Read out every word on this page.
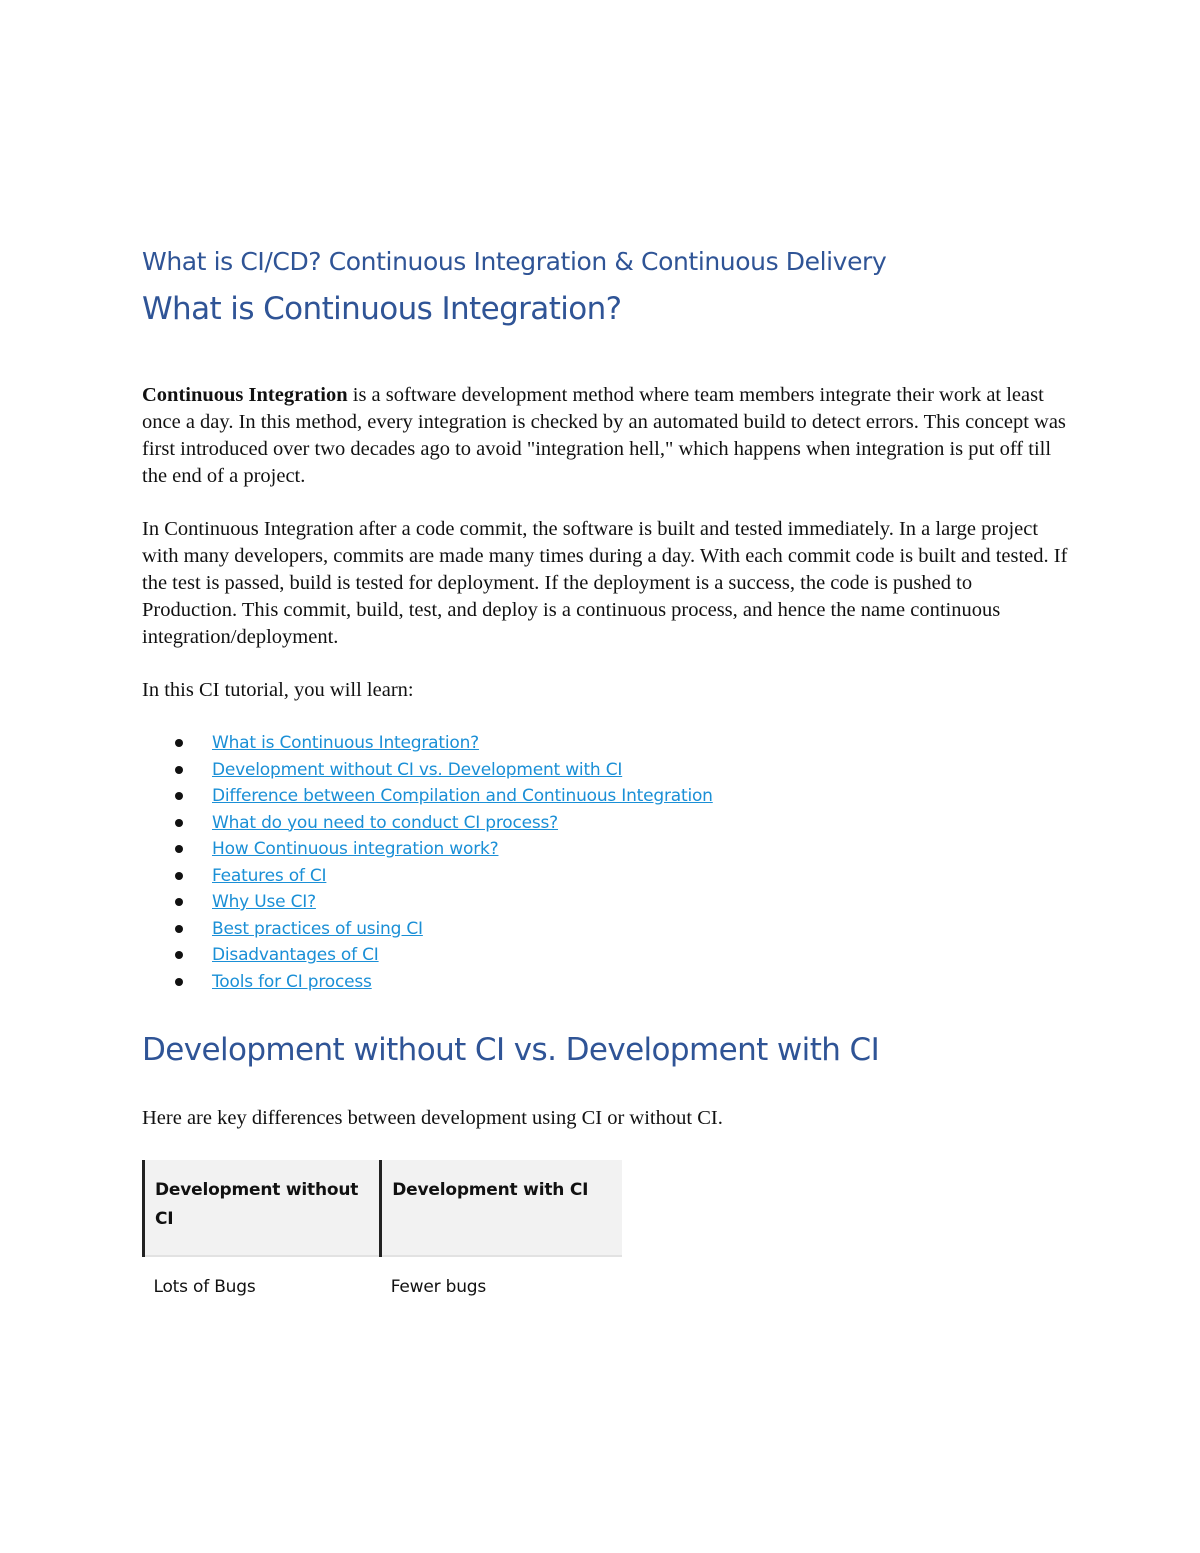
What is CI/CD? Continuous Integration & Continuous Delivery
What is Continuous Integration?

Continuous Integration is a software development method where team members integrate their work at least once a day. In this method, every integration is checked by an automated build to detect errors. This concept was first introduced over two decades ago to avoid "integration hell," which happens when integration is put off till the end of a project.

In Continuous Integration after a code commit, the software is built and tested immediately. In a large project with many developers, commits are made many times during a day. With each commit code is built and tested. If the test is passed, build is tested for deployment. If the deployment is a success, the code is pushed to Production. This commit, build, test, and deploy is a continuous process, and hence the name continuous integration/deployment.

In this CI tutorial, you will learn:

What is Continuous Integration?
Development without CI vs. Development with CI
Difference between Compilation and Continuous Integration
What do you need to conduct CI process?
How Continuous integration work?
Features of CI
Why Use CI?
Best practices of using CI
Disadvantages of CI
Tools for CI process
Development without CI vs. Development with CI

Here are key differences between development using CI or without CI.

Development without CI	Development with CI
Lots of Bugs	Fewer bugs
